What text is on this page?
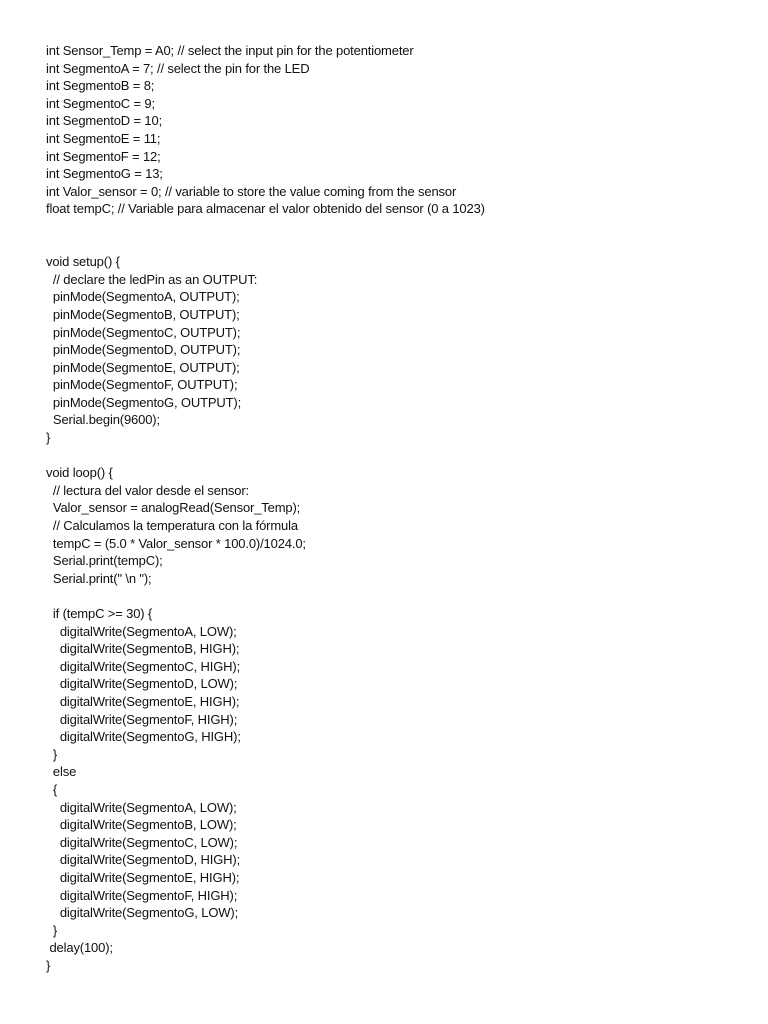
int Sensor_Temp = A0; // select the input pin for the potentiometer
int SegmentoA = 7; // select the pin for the LED
int SegmentoB = 8;
int SegmentoC = 9;
int SegmentoD = 10;
int SegmentoE = 11;
int SegmentoF = 12;
int SegmentoG = 13;
int Valor_sensor = 0; // variable to store the value coming from the sensor
float tempC; // Variable para almacenar el valor obtenido del sensor (0 a 1023)
void setup() {
// declare the ledPin as an OUTPUT:
pinMode(SegmentoA, OUTPUT);
pinMode(SegmentoB, OUTPUT);
pinMode(SegmentoC, OUTPUT);
pinMode(SegmentoD, OUTPUT);
pinMode(SegmentoE, OUTPUT);
pinMode(SegmentoF, OUTPUT);
pinMode(SegmentoG, OUTPUT);
Serial.begin(9600);
}
void loop() {
// lectura del valor desde el sensor:
Valor_sensor = analogRead(Sensor_Temp);
// Calculamos la temperatura con la fórmula
tempC = (5.0 * Valor_sensor * 100.0)/1024.0;
Serial.print(tempC);
Serial.print(" \n ");
if (tempC >= 30) {
digitalWrite(SegmentoA, LOW);
digitalWrite(SegmentoB, HIGH);
digitalWrite(SegmentoC, HIGH);
digitalWrite(SegmentoD, LOW);
digitalWrite(SegmentoE, HIGH);
digitalWrite(SegmentoF, HIGH);
digitalWrite(SegmentoG, HIGH);
}
else
{
digitalWrite(SegmentoA, LOW);
digitalWrite(SegmentoB, LOW);
digitalWrite(SegmentoC, LOW);
digitalWrite(SegmentoD, HIGH);
digitalWrite(SegmentoE, HIGH);
digitalWrite(SegmentoF, HIGH);
digitalWrite(SegmentoG, LOW);
}
delay(100);
}
